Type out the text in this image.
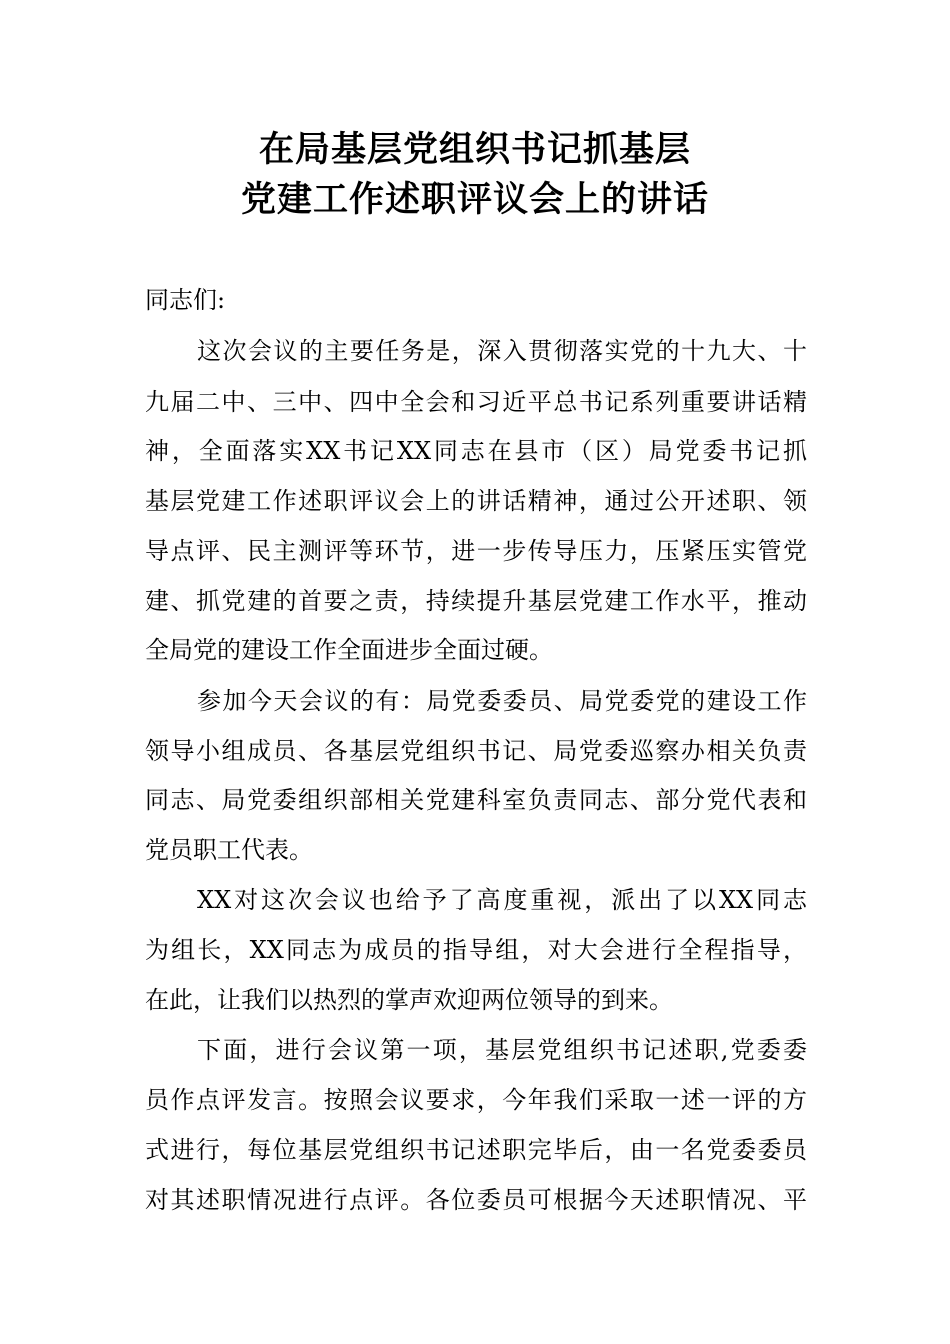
在局基层党组织书记抓基层
党建工作述职评议会上的讲话
同志们:
这次会议的主要任务是，深入贯彻落实党的十九大、十
九届二中、三中、四中全会和习近平总书记系列重要讲话精
神，全面落实XX书记XX同志在县市（区）局党委书记抓
基层党建工作述职评议会上的讲话精神，通过公开述职、领
导点评、民主测评等环节，进一步传导压力，压紧压实管党
建、抓党建的首要之责，持续提升基层党建工作水平，推动
全局党的建设工作全面进步全面过硬。
参加今天会议的有：局党委委员、局党委党的建设工作
领导小组成员、各基层党组织书记、局党委巡察办相关负责
同志、局党委组织部相关党建科室负责同志、部分党代表和
党员职工代表。
XX对这次会议也给予了高度重视，派出了以XX同志
为组长，XX同志为成员的指导组，对大会进行全程指导，
在此，让我们以热烈的掌声欢迎两位领导的到来。
下面，进行会议第一项，基层党组织书记述职,党委委
员作点评发言。按照会议要求，今年我们采取一述一评的方
式进行，每位基层党组织书记述职完毕后，由一名党委委员
对其述职情况进行点评。各位委员可根据今天述职情况、平
